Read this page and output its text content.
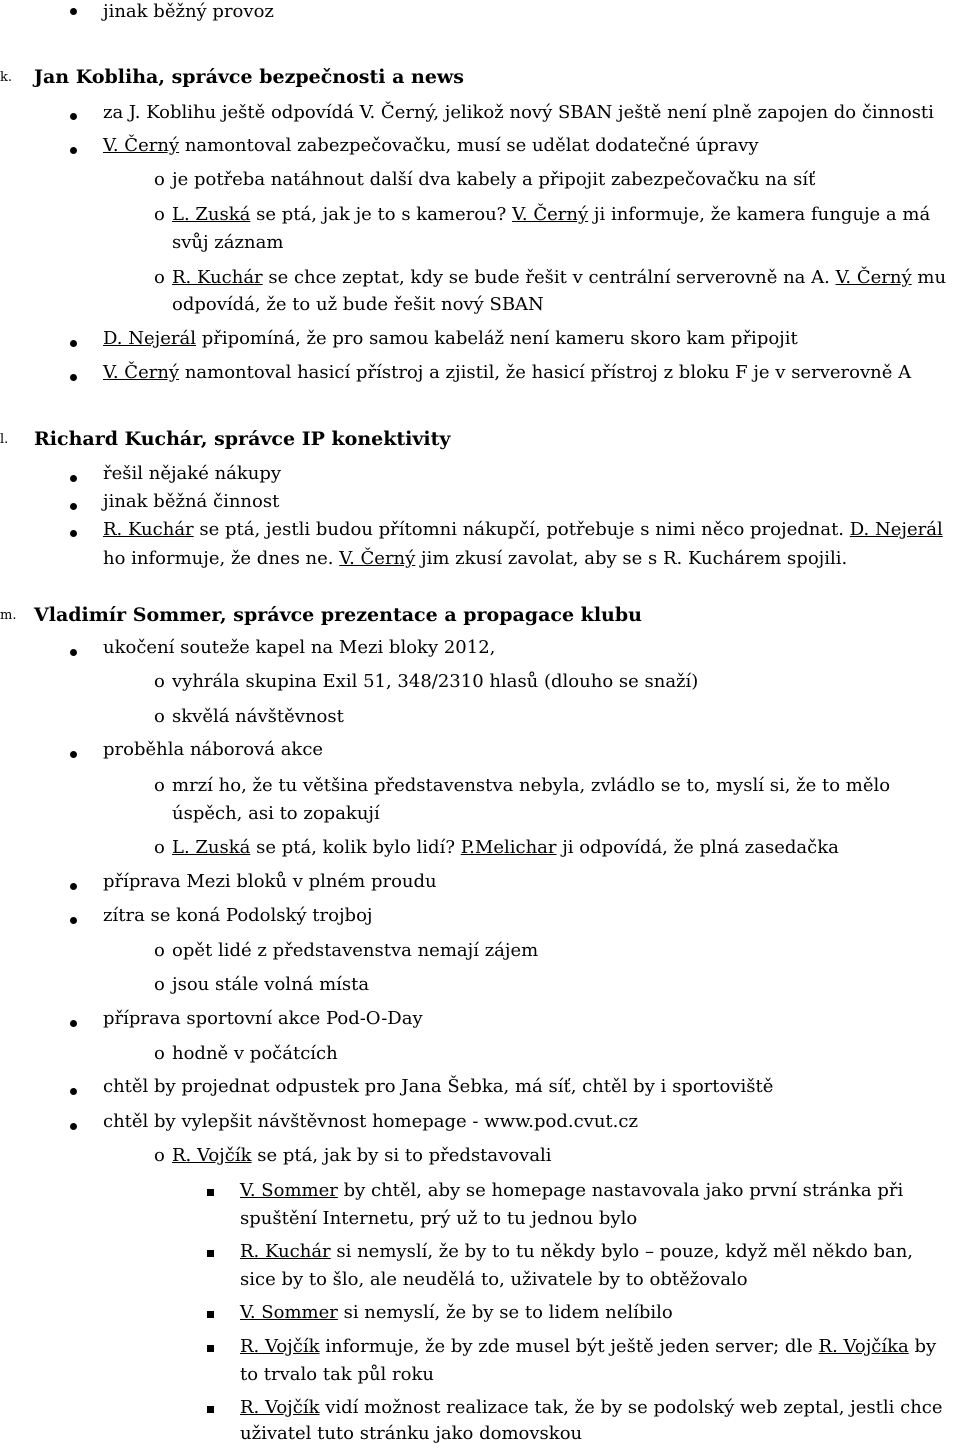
jinak běžný provoz
k. Jan Kobliha, správce bezpečnosti a news
za J. Koblihu ještě odpovídá V. Černý, jelikož nový SBAN ještě není plně zapojen do činnosti
V. Černý namontoval zabezpečovačku, musí se udělat dodatečné úpravy
o je potřeba natáhnout další dva kabely a připojit zabezpečovačku na síť
o L. Zuská se ptá, jak je to s kamerou? V. Černý ji informuje, že kamera funguje a má
svůj záznam
o R. Kuchár se chce zeptat, kdy se bude řešit v centrální serverovně na A. V. Černý mu
odpovídá, že to už bude řešit nový SBAN
D. Nejerál připomíná, že pro samou kabeláž není kameru skoro kam připojit
V. Černý namontoval hasicí přístroj a zjistil, že hasicí přístroj z bloku F je v serverovně A
l. Richard Kuchár, správce IP konektivity
řešil nějaké nákupy
jinak běžná činnost
R. Kuchár se ptá, jestli budou přítomni nákupčí, potřebuje s nimi něco projednat. D. Nejerál
ho informuje, že dnes ne. V. Černý jim zkusí zavolat, aby se s R. Kuchárem spojili.
m. Vladimír Sommer, správce prezentace a propagace klubu
ukočení souteže kapel na Mezi bloky 2012,
o vyhrála skupina Exil 51, 348/2310 hlasů (dlouho se snaží)
o skvělá návštěvnost
proběhla náborová akce
o mrzí ho, že tu většina představenstva nebyla, zvládlo se to, myslí si, že to mělo
úspěch, asi to zopakují
o L. Zuská se ptá, kolik bylo lidí? P.Melichar ji odpovídá, že plná zasedačka
příprava Mezi bloků v plném proudu
zítra se koná Podolský trojboj
o opět lidé z představenstva nemají zájem
o jsou stále volná místa
příprava sportovní akce Pod-O-Day
o hodně v počátcích
chtěl by projednat odpustek pro Jana Šebka, má síť, chtěl by i sportoviště
chtěl by vylepšit návštěvnost homepage - www.pod.cvut.cz
o R. Vojčík se ptá, jak by si to představovali
V. Sommer by chtěl, aby se homepage nastavovala jako první stránka při
spuštění Internetu, prý už to tu jednou bylo
R. Kuchár si nemyslí, že by to tu někdy bylo – pouze, když měl někdo ban,
sice by to šlo, ale neudělá to, uživatele by to obtěžovalo
V. Sommer si nemyslí, že by se to lidem nelíbilo
R. Vojčík informuje, že by zde musel být ještě jeden server; dle R. Vojčíka by
to trvalo tak půl roku
R. Vojčík vidí možnost realizace tak, že by se podolský web zeptal, jestli chce
uživatel tuto stránku jako domovskou
